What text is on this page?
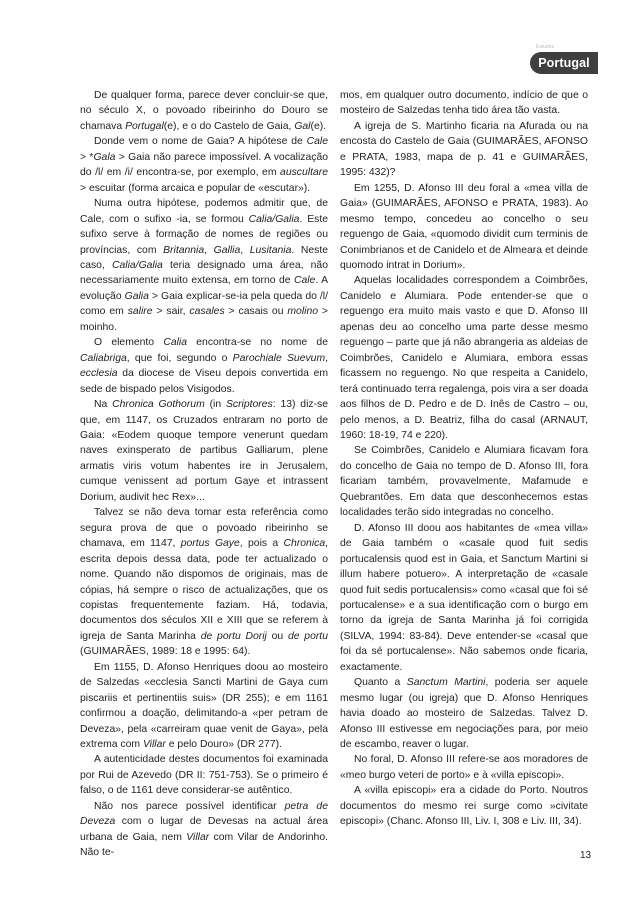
Estudos
Portugal

De qualquer forma, parece dever concluir-se que, no século X, o povoado ribeirinho do Douro se chamava Portugal(e), e o do Castelo de Gaia, Gal(e).

Donde vem o nome de Gaia? A hipótese de Cale > *Gala > Gaia não parece impossível. A vocalização do /l/ em /i/ encontra-se, por exemplo, em auscultare > escuitar (forma arcaica e popular de «escutar»).

Numa outra hipótese, podemos admitir que, de Cale, com o sufixo -ia, se formou Calia/Galia. Este sufixo serve à formação de nomes de regiões ou províncias, com Britannia, Gallia, Lusitania. Neste caso, Calia/Galia teria designado uma área, não necessariamente muito extensa, em torno de Cale. A evolução Galia > Gaia explicar-se-ia pela queda do /l/ como em salire > sair, casales > casais ou molino > moinho.

O elemento Calia encontra-se no nome de Caliabriga, que foi, segundo o Parochiale Suevum, ecclesia da diocese de Viseu depois convertida em sede de bispado pelos Visigodos.

Na Chronica Gothorum (in Scriptores: 13) diz-se que, em 1147, os Cruzados entraram no porto de Gaia: «Eodem quoque tempore venerunt quedam naves exinsperato de partibus Galliarum, plene armatis viris votum habentes ire in Jerusalem, cumque venissent ad portum Gaye et intrassent Dorium, audivit hec Rex»...

Talvez se não deva tomar esta referência como segura prova de que o povoado ribeirinho se chamava, em 1147, portus Gaye, pois a Chronica, escrita depois dessa data, pode ter actualizado o nome. Quando não dispomos de originais, mas de cópias, há sempre o risco de actualizações, que os copistas frequentemente faziam. Há, todavia, documentos dos séculos XII e XIII que se referem à igreja de Santa Marinha de portu Dorij ou de portu (GUIMARÃES, 1989: 18 e 1995: 64).

Em 1155, D. Afonso Henriques doou ao mosteiro de Salzedas «ecclesia Sancti Martini de Gaya cum piscariis et pertinentiis suis» (DR 255); e em 1161 confirmou a doação, delimitando-a «per petram de Deveza», pela «carreiram quae venit de Gaya», pela extrema com Villar e pelo Douro» (DR 277).

A autenticidade destes documentos foi examinada por Rui de Azevedo (DR II: 751-753). Se o primeiro é falso, o de 1161 deve considerar-se autêntico.

Não nos parece possível identificar petra de Deveza com o lugar de Devesas na actual área urbana de Gaia, nem Villar com Vilar de Andorinho. Não te-

mos, em qualquer outro documento, indício de que o mosteiro de Salzedas tenha tido área tão vasta.

A igreja de S. Martinho ficaria na Afurada ou na encosta do Castelo de Gaia (GUIMARÃES, AFONSO e PRATA, 1983, mapa de p. 41 e GUIMARÃES, 1995: 432)?

Em 1255, D. Afonso III deu foral a «mea villa de Gaia» (GUIMARÃES, AFONSO e PRATA, 1983). Ao mesmo tempo, concedeu ao concelho o seu reguengo de Gaia, «quomodo dividit cum terminis de Conimbrianos et de Canidelo et de Almeara et deinde quomodo intrat in Dorium».

Aquelas localidades correspondem a Coimbrões, Canidelo e Alumiara. Pode entender-se que o reguengo era muito mais vasto e que D. Afonso III apenas deu ao concelho uma parte desse mesmo reguengo – parte que já não abrangeria as aldeias de Coimbrões, Canidelo e Alumiara, embora essas ficassem no reguengo. No que respeita a Canidelo, terá continuado terra regalenga, pois vira a ser doada aos filhos de D. Pedro e de D. Inês de Castro – ou, pelo menos, a D. Beatriz, filha do casal (ARNAUT, 1960: 18-19, 74 e 220).

Se Coimbrões, Canidelo e Alumiara ficavam fora do concelho de Gaia no tempo de D. Afonso III, fora ficariam também, provavelmente, Mafamude e Quebrantões. Em data que desconhecemos estas localidades terão sido integradas no concelho.

D. Afonso III doou aos habitantes de «mea villa» de Gaia também o «casale quod fuit sedis portucalensis quod est in Gaia, et Sanctum Martini si illum habere potuero». A interpretação de «casale quod fuit sedis portucalensis» como «casal que foi sé portucalense» e a sua identificação com o burgo em torno da igreja de Santa Marinha já foi corrigida (SILVA, 1994: 83-84). Deve entender-se «casal que foi da sé portucalense». Não sabemos onde ficaria, exactamente.

Quanto a Sanctum Martini, poderia ser aquele mesmo lugar (ou igreja) que D. Afonso Henriques havia doado ao mosteiro de Salzedas. Talvez D. Afonso III estivesse em negociações para, por meio de escambo, reaver o lugar.

No foral, D. Afonso III refere-se aos moradores de «meo burgo veteri de porto» e à «villa episcopi».

A «villa episcopi» era a cidade do Porto. Noutros documentos do mesmo rei surge como »civitate episcopi» (Chanc. Afonso III, Liv. I, 308 e Liv. III, 34).

13
